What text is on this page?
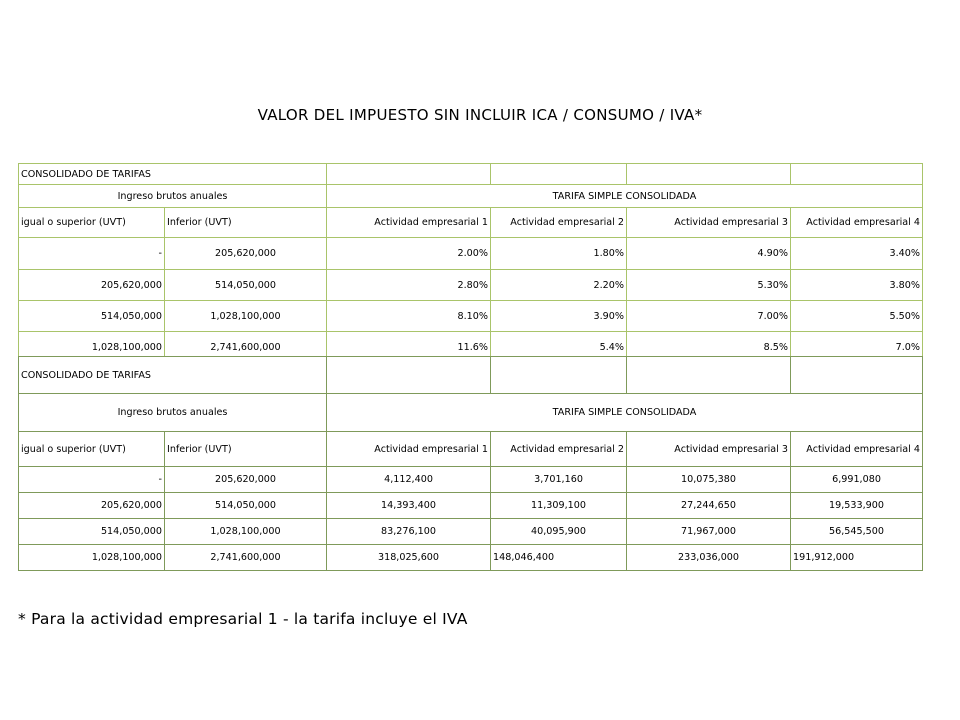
VALOR DEL IMPUESTO SIN INCLUIR ICA / CONSUMO / IVA*
CONSOLIDADO DE TARIFAS					
Ingreso brutos anuales		TARIFA SIMPLE CONSOLIDADA			
igual o superior (UVT)	Inferior (UVT)	Actividad empresarial 1	Actividad empresarial 2	Actividad empresarial 3	Actividad empresarial 4
-	205,620,000	2.00%	1.80%	4.90%	3.40%
205,620,000	514,050,000	2.80%	2.20%	5.30%	3.80%
514,050,000	1,028,100,000	8.10%	3.90%	7.00%	5.50%
1,028,100,000	2,741,600,000	11.6%	5.4%	8.5%	7.0%
CONSOLIDADO DE TARIFAS					
Ingreso brutos anuales		TARIFA SIMPLE CONSOLIDADA			
igual o superior (UVT)	Inferior (UVT)	Actividad empresarial 1	Actividad empresarial 2	Actividad empresarial 3	Actividad empresarial 4
-	205,620,000	4,112,400	3,701,160	10,075,380	6,991,080
205,620,000	514,050,000	14,393,400	11,309,100	27,244,650	19,533,900
514,050,000	1,028,100,000	83,276,100	40,095,900	71,967,000	56,545,500
1,028,100,000	2,741,600,000	318,025,600	148,046,400	233,036,000	191,912,000
* Para la actividad empresarial 1 - la tarifa incluye el IVA
